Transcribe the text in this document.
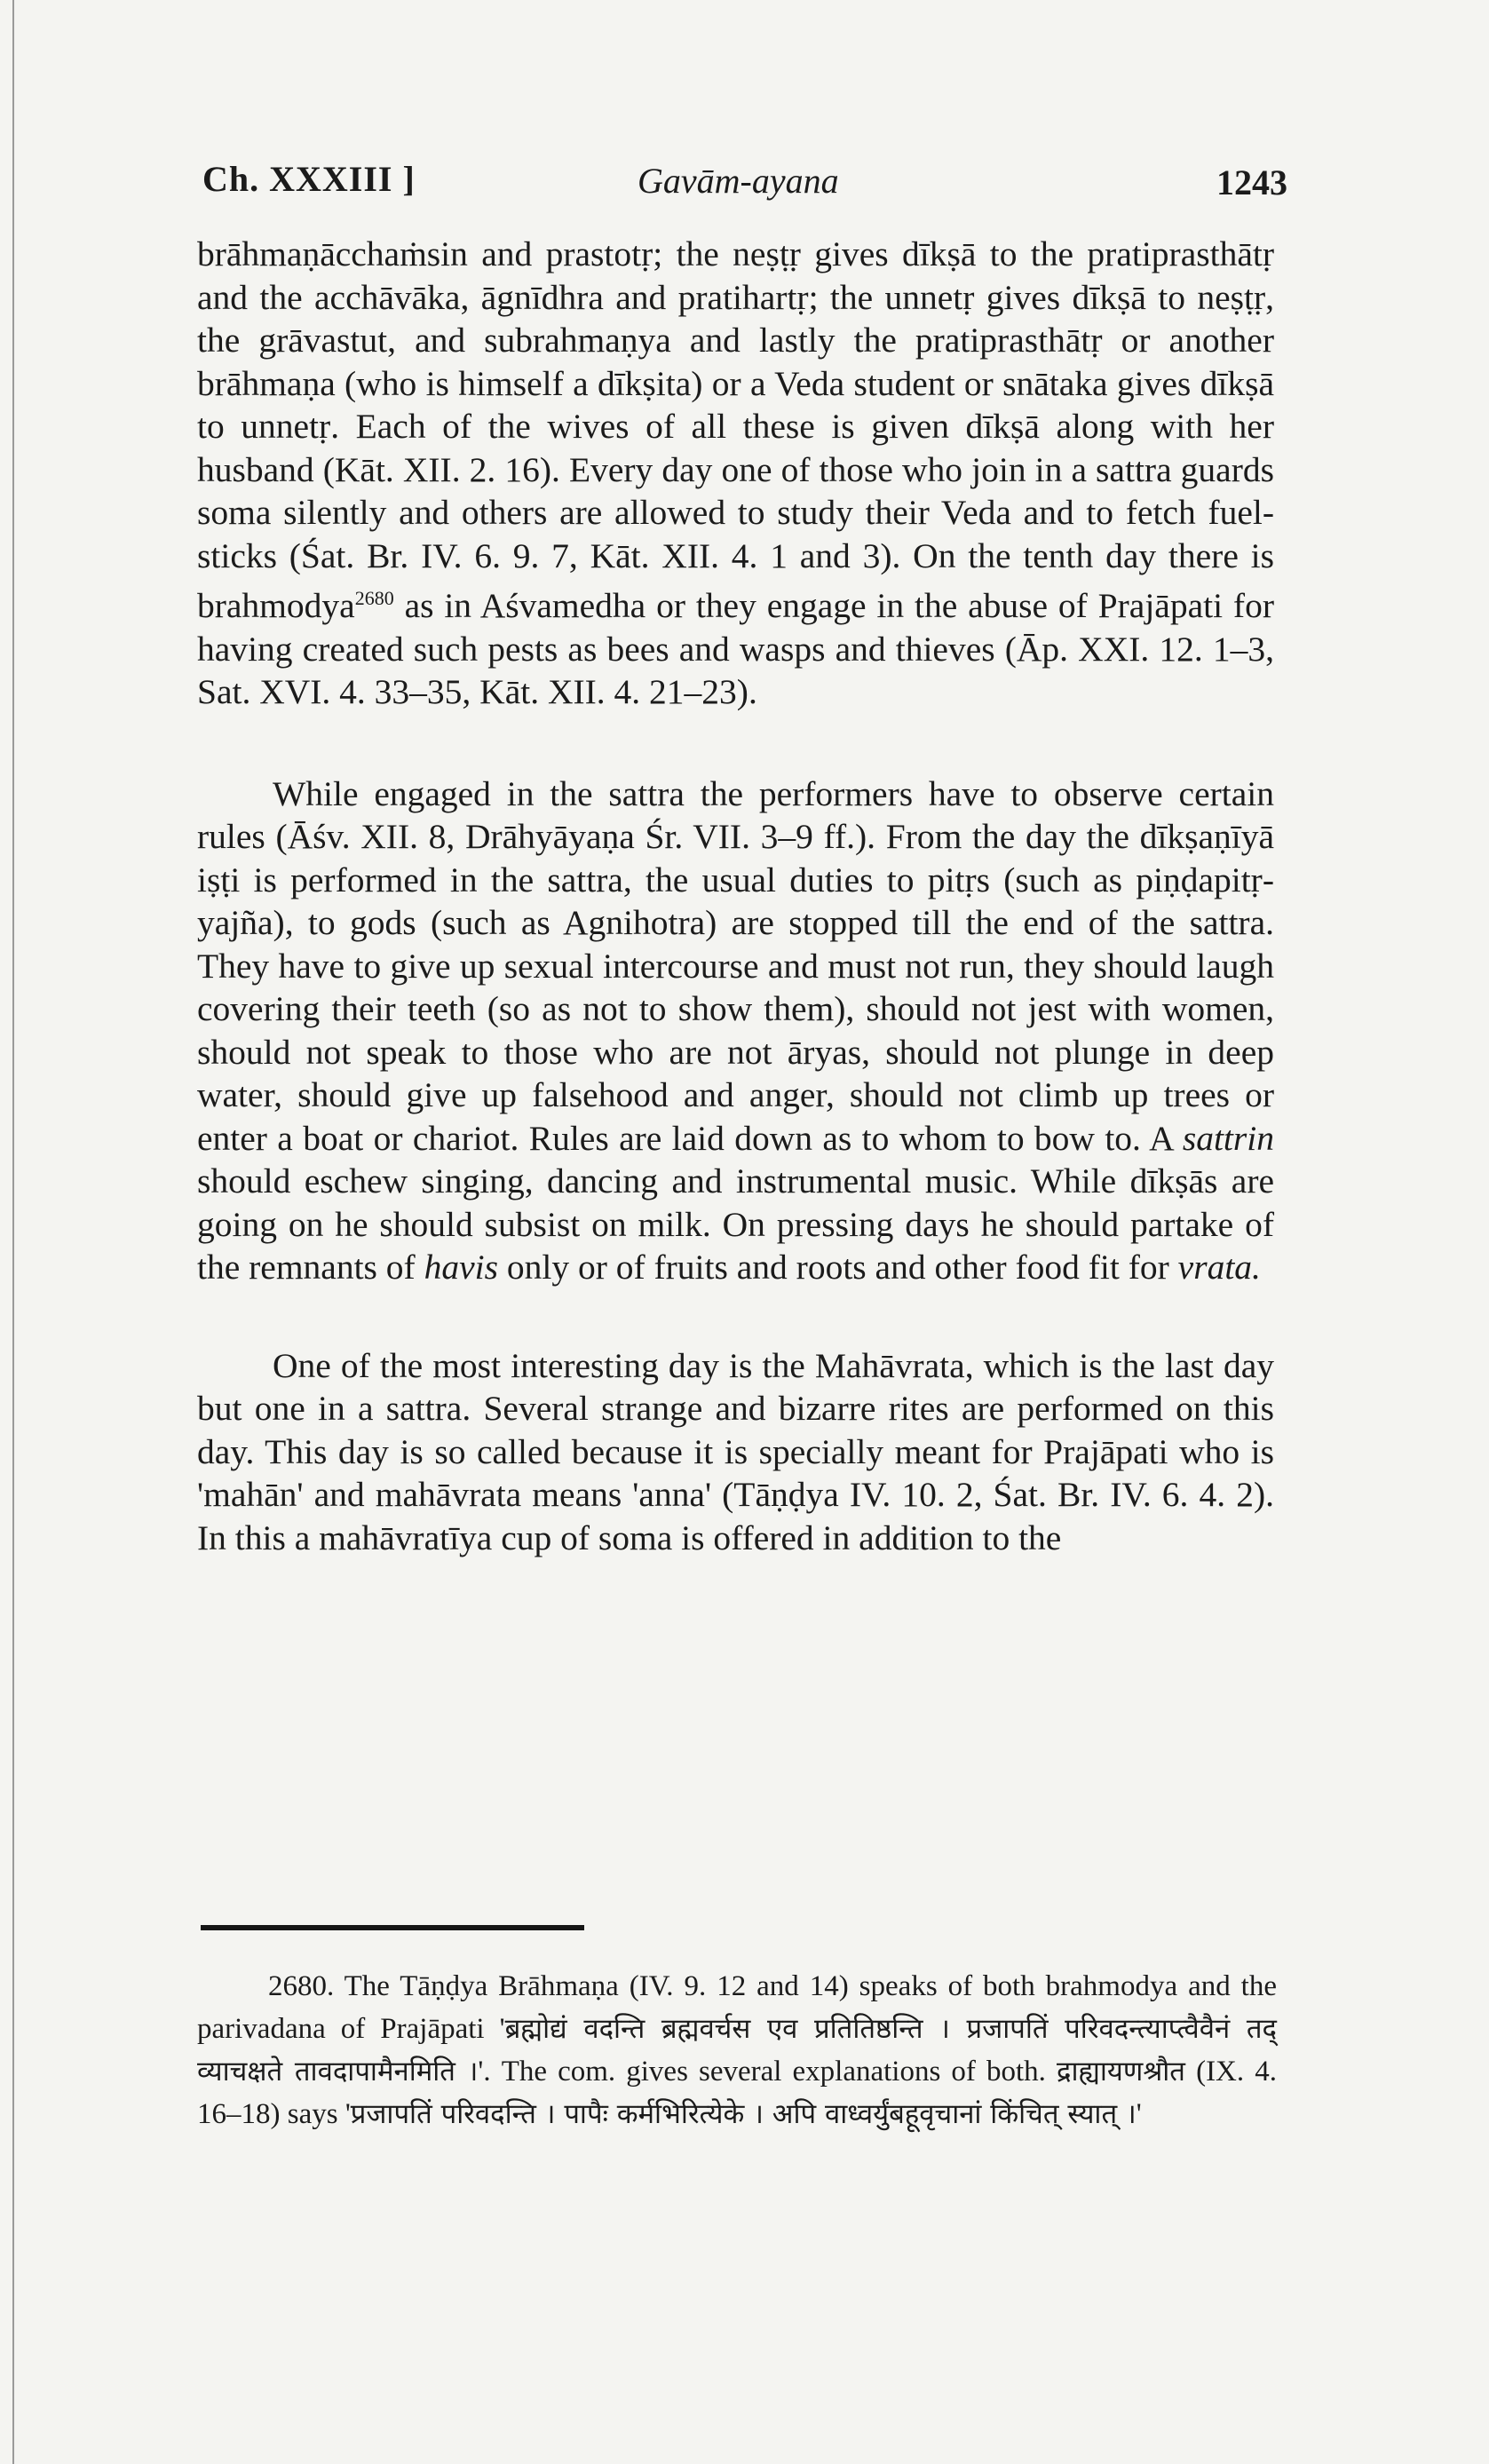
Ch. XXXIII ]	Gavām-ayana	1243

brāhmaṇācchaṁsin and prastotṛ; the neṣṭṛ gives dīkṣā to the pratiprasthātṛ and the acchāvāka, āgnīdhra and pratihartṛ; the unnetṛ gives dīkṣā to neṣṭṛ, the grāvastut, and subrahmaṇya and lastly the pratiprasthātṛ or another brāhmaṇa (who is himself a dīkṣita) or a Veda student or snātaka gives dīkṣā to unnetṛ. Each of the wives of all these is given dīkṣā along with her husband (Kāt. XII. 2. 16). Every day one of those who join in a sattra guards soma silently and others are allowed to study their Veda and to fetch fuel-sticks (Śat. Br. IV. 6. 9. 7, Kāt. XII. 4. 1 and 3). On the tenth day there is brahmodya$^{2680}$ as in Aśvamedha or they engage in the abuse of Prajāpati for having created such pests as bees and wasps and thieves (Āp. XXI. 12. 1–3, Sat. XVI. 4. 33–35, Kāt. XII. 4. 21–23).

While engaged in the sattra the performers have to observe certain rules (Āśv. XII. 8, Drāhyāyaṇa Śr. VII. 3–9 ff.). From the day the dīkṣaṇīyā iṣṭi is performed in the sattra, the usual duties to pitṛs (such as piṇḍapitṛ-yajña), to gods (such as Agnihotra) are stopped till the end of the sattra. They have to give up sexual intercourse and must not run, they should laugh covering their teeth (so as not to show them), should not jest with women, should not speak to those who are not āryas, should not plunge in deep water, should give up falsehood and anger, should not climb up trees or enter a boat or chariot. Rules are laid down as to whom to bow to. A sattrin should eschew singing, dancing and instrumental music. While dīkṣās are going on he should subsist on milk. On pressing days he should partake of the remnants of havis only or of fruits and roots and other food fit for vrata.

One of the most interesting day is the Mahāvrata, which is the last day but one in a sattra. Several strange and bizarre rites are performed on this day. This day is so called because it is specially meant for Prajāpati who is 'mahān' and mahāvrata means 'anna' (Tāṇḍya IV. 10. 2, Śat. Br. IV. 6. 4. 2). In this a mahāvratīya cup of soma is offered in addition to the

2680. The Tāṇḍya Brāhmaṇa (IV. 9. 12 and 14) speaks of both brahmodya and the parivadana of Prajāpati 'ब्रह्मोद्यं वदन्ति ब्रह्मवर्चस एव प्रतितिष्ठन्ति । प्रजापतिं परिवदन्त्याप्त्वैवैनं तद् व्याचक्षते तावदापामैनमिति ।'. The com. gives several explanations of both. द्राह्यायणश्रौत (IX. 4. 16–18) says 'प्रजापतिं परिवदन्ति । पापैः कर्मभिरित्येके । अपि वाध्वर्युंबहूवृचानां किंचित् स्यात् ।'
